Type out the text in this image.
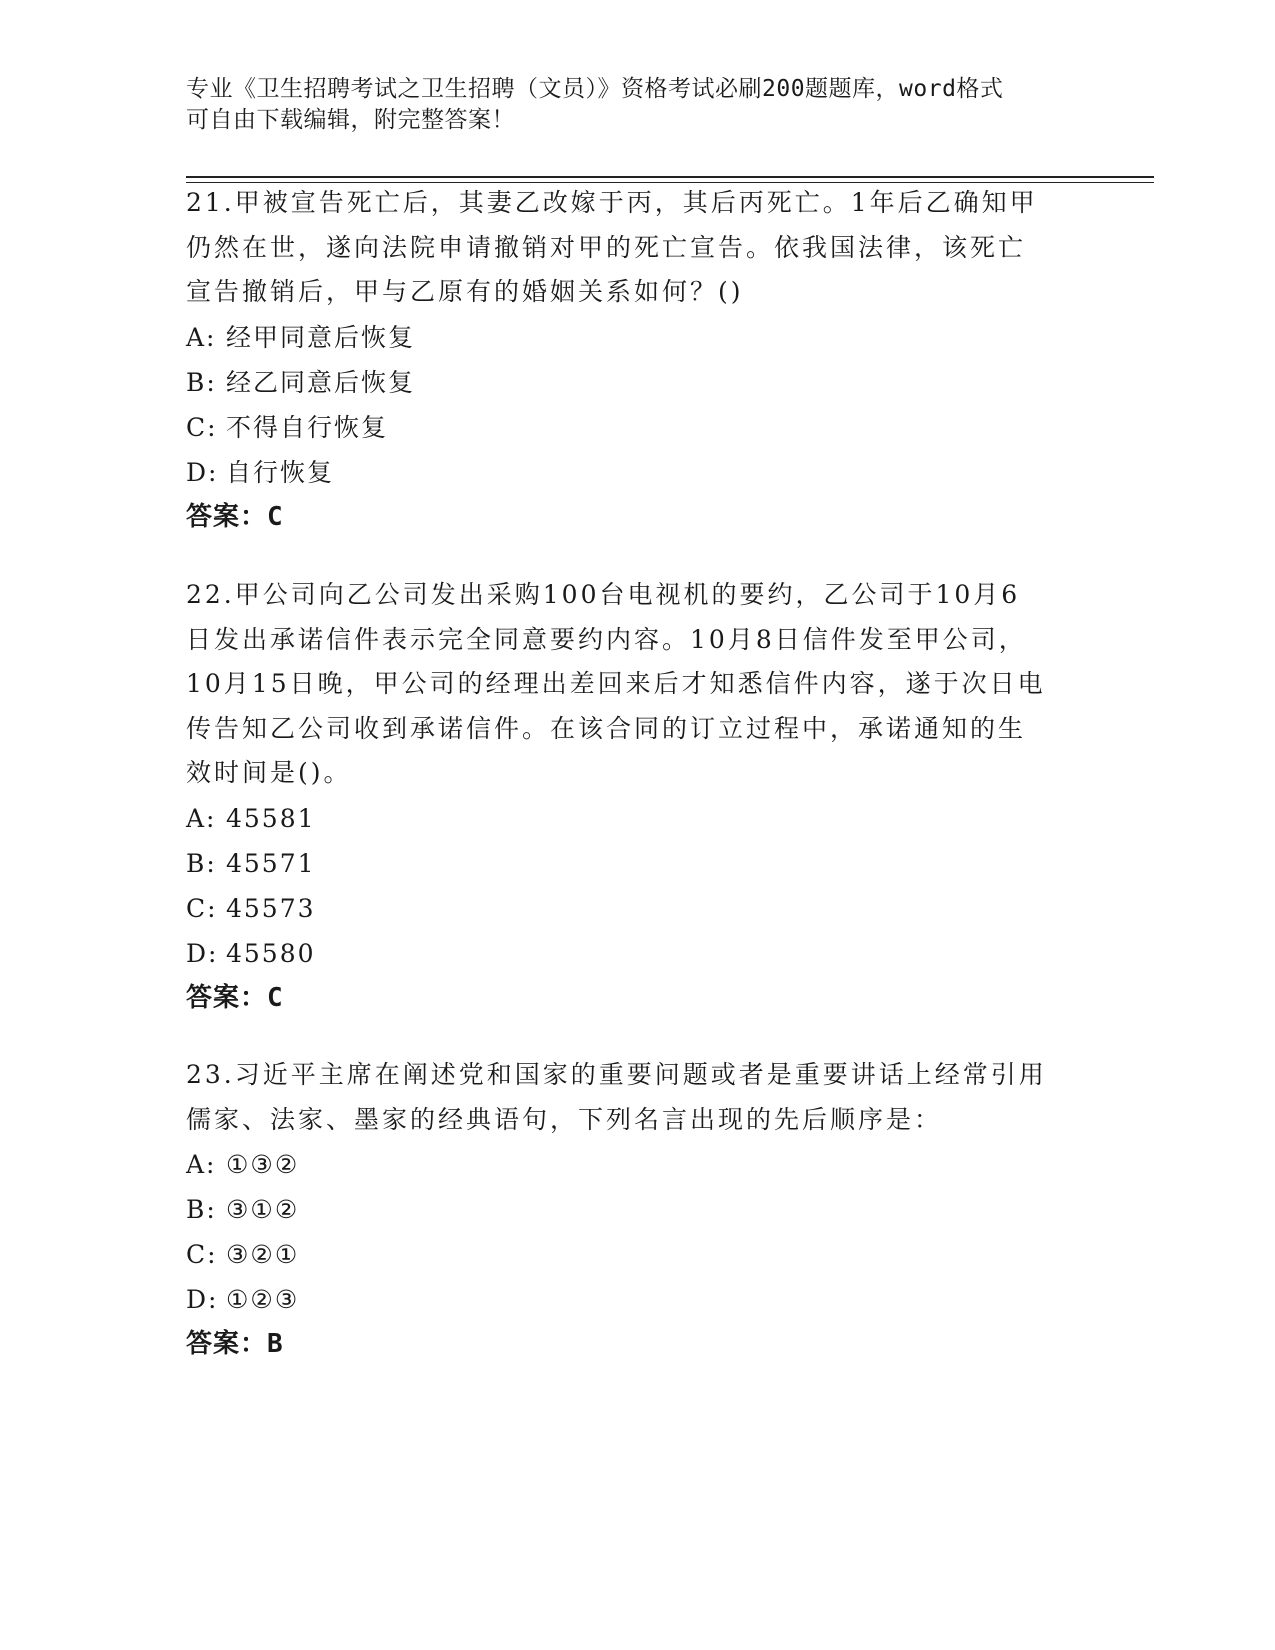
专业《卫生招聘考试之卫生招聘（文员）》资格考试必刷200题题库，word格式
可自由下载编辑，附完整答案！
21.甲被宣告死亡后，其妻乙改嫁于丙，其后丙死亡。1年后乙确知甲
仍然在世，遂向法院申请撤销对甲的死亡宣告。依我国法律，该死亡
宣告撤销后，甲与乙原有的婚姻关系如何？()
A: 经甲同意后恢复
B: 经乙同意后恢复
C: 不得自行恢复
D: 自行恢复
答案：C
22.甲公司向乙公司发出采购100台电视机的要约，乙公司于10月6
日发出承诺信件表示完全同意要约内容。10月8日信件发至甲公司，
10月15日晚，甲公司的经理出差回来后才知悉信件内容，遂于次日电
传告知乙公司收到承诺信件。在该合同的订立过程中，承诺通知的生
效时间是()。
A: 45581
B: 45571
C: 45573
D: 45580
答案：C
23.习近平主席在阐述党和国家的重要问题或者是重要讲话上经常引用
儒家、法家、墨家的经典语句，下列名言出现的先后顺序是：
A: ①③②
B: ③①②
C: ③②①
D: ①②③
答案：B
